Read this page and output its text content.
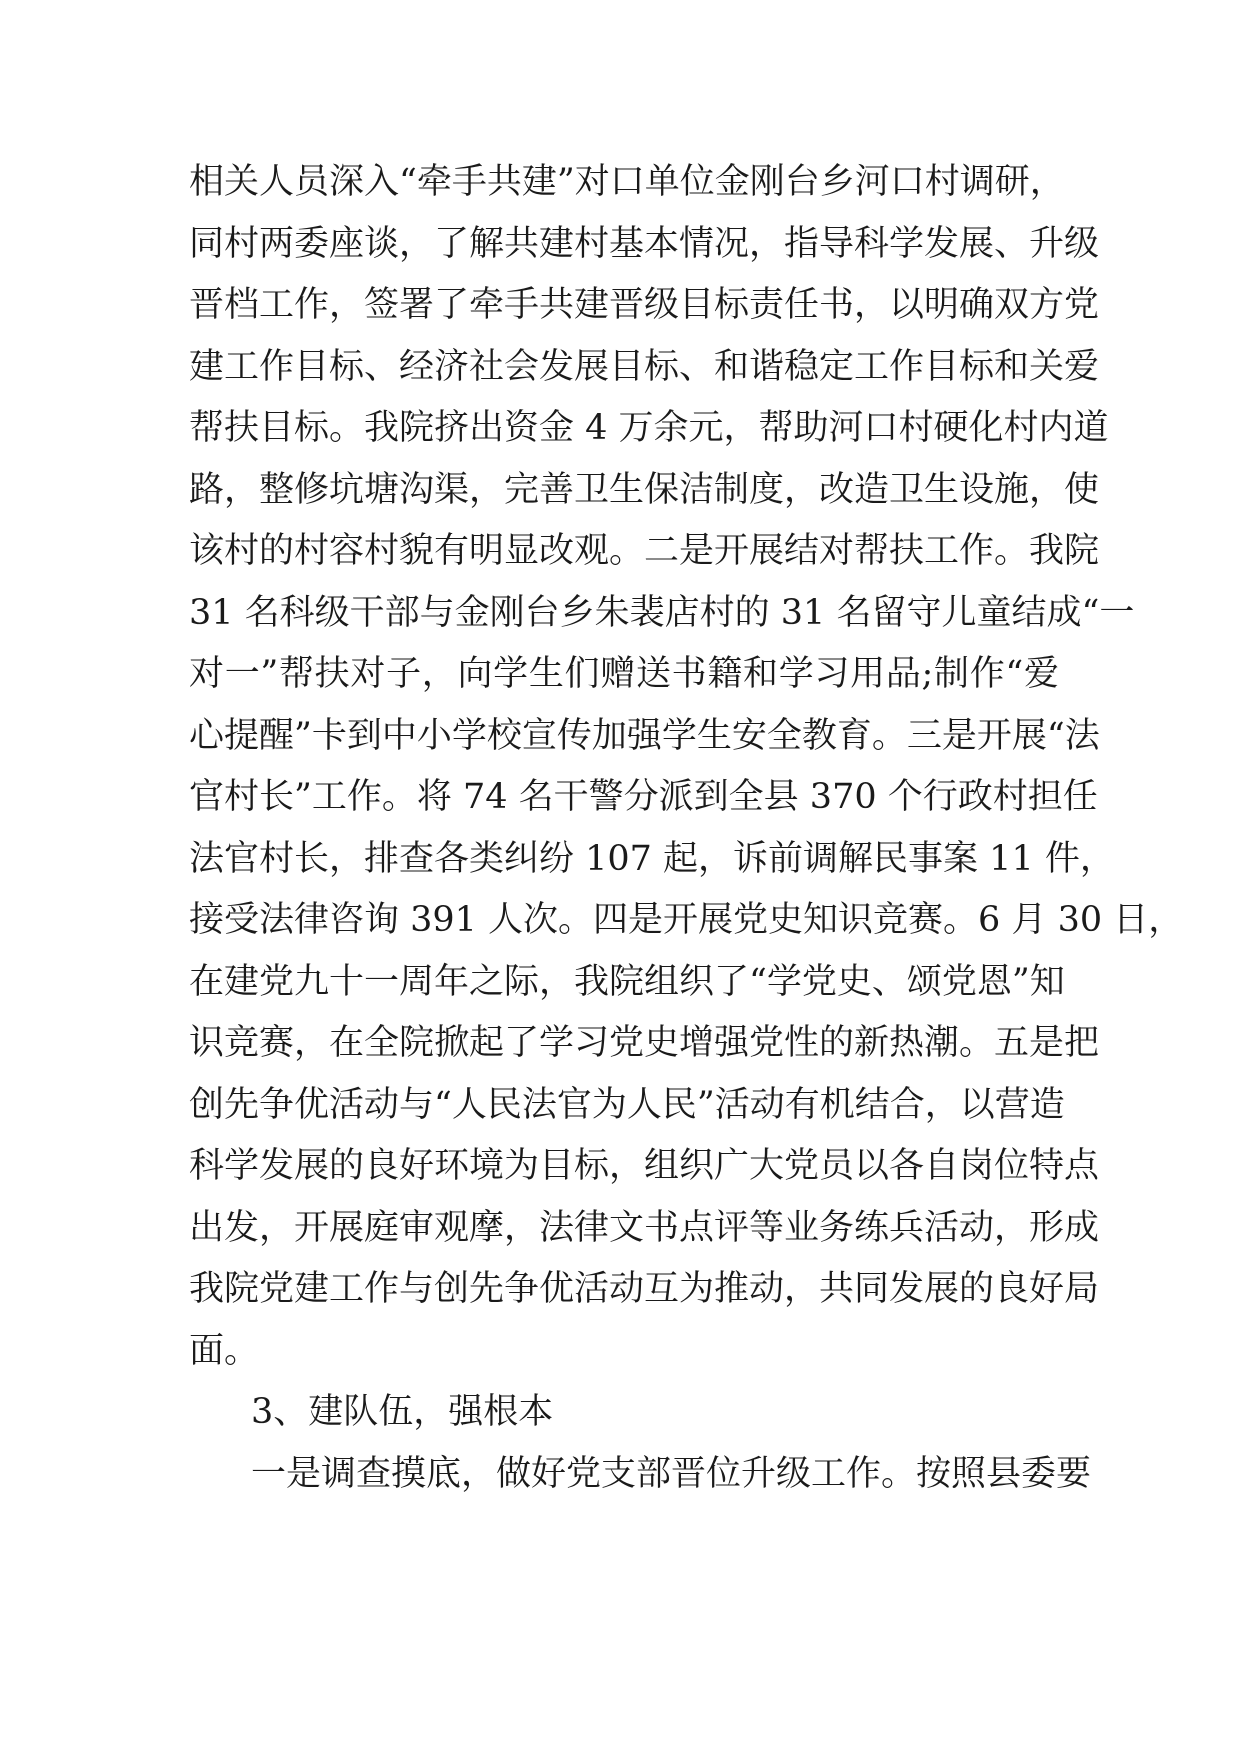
相关人员深入“牵手共建”对口单位金刚台乡河口村调研，
同村两委座谈，了解共建村基本情况，指导科学发展、升级
晋档工作，签署了牵手共建晋级目标责任书，以明确双方党
建工作目标、经济社会发展目标、和谐稳定工作目标和关爱
帮扶目标。我院挤出资金 4 万余元，帮助河口村硬化村内道
路，整修坑塘沟渠，完善卫生保洁制度，改造卫生设施，使
该村的村容村貌有明显改观。二是开展结对帮扶工作。我院
31 名科级干部与金刚台乡朱裴店村的 31 名留守儿童结成“一
对一”帮扶对子，向学生们赠送书籍和学习用品;制作“爱
心提醒”卡到中小学校宣传加强学生安全教育。三是开展“法
官村长”工作。将 74 名干警分派到全县 370 个行政村担任
法官村长，排查各类纠纷 107 起，诉前调解民事案 11 件，
接受法律咨询 391 人次。四是开展党史知识竞赛。6 月 30 日，
在建党九十一周年之际，我院组织了“学党史、颂党恩”知
识竞赛，在全院掀起了学习党史增强党性的新热潮。五是把
创先争优活动与“人民法官为人民”活动有机结合，以营造
科学发展的良好环境为目标，组织广大党员以各自岗位特点
出发，开展庭审观摩，法律文书点评等业务练兵活动，形成
我院党建工作与创先争优活动互为推动，共同发展的良好局
面。
3、建队伍，强根本
一是调查摸底，做好党支部晋位升级工作。按照县委要
